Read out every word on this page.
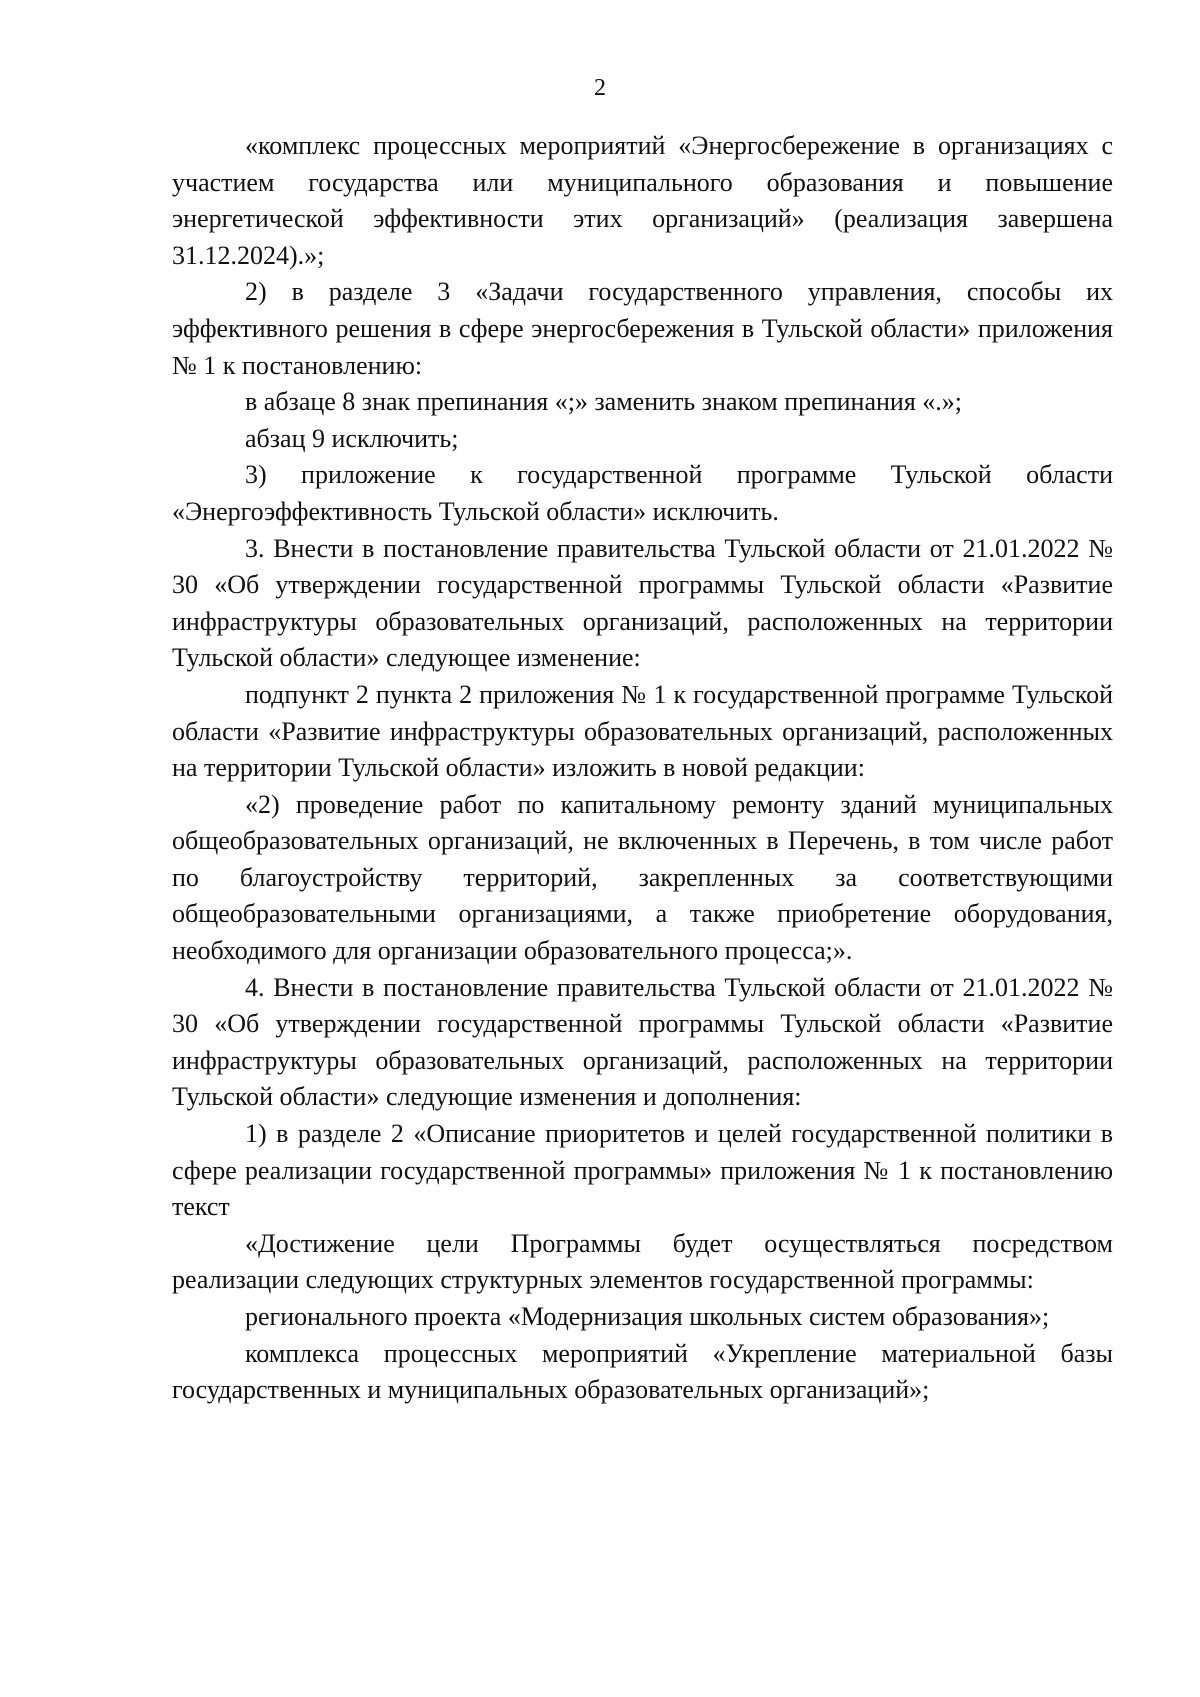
2

«комплекс процессных мероприятий «Энергосбережение в организациях с участием государства или муниципального образования и повышение энергетической эффективности этих организаций» (реализация завершена 31.12.2024).»;

2) в разделе 3 «Задачи государственного управления, способы их эффективного решения в сфере энергосбережения в Тульской области» приложения № 1 к постановлению:

в абзаце 8 знак препинания «;» заменить знаком препинания «.»;

абзац 9 исключить;

3) приложение к государственной программе Тульской области «Энергоэффективность Тульской области» исключить.

3. Внести в постановление правительства Тульской области от 21.01.2022 № 30 «Об утверждении государственной программы Тульской области «Развитие инфраструктуры образовательных организаций, расположенных на территории Тульской области» следующее изменение:

подпункт 2 пункта 2 приложения № 1 к государственной программе Тульской области «Развитие инфраструктуры образовательных организаций, расположенных на территории Тульской области» изложить в новой редакции:

«2) проведение работ по капитальному ремонту зданий муниципальных общеобразовательных организаций, не включенных в Перечень, в том числе работ по благоустройству территорий, закрепленных за соответствующими общеобразовательными организациями, а также приобретение оборудования, необходимого для организации образовательного процесса;».

4. Внести в постановление правительства Тульской области от 21.01.2022 № 30 «Об утверждении государственной программы Тульской области «Развитие инфраструктуры образовательных организаций, расположенных на территории Тульской области» следующие изменения и дополнения:

1) в разделе 2 «Описание приоритетов и целей государственной политики в сфере реализации государственной программы» приложения № 1 к постановлению текст

«Достижение цели Программы будет осуществляться посредством реализации следующих структурных элементов государственной программы:

регионального проекта «Модернизация школьных систем образования»;

комплекса процессных мероприятий «Укрепление материальной базы государственных и муниципальных образовательных организаций»;
